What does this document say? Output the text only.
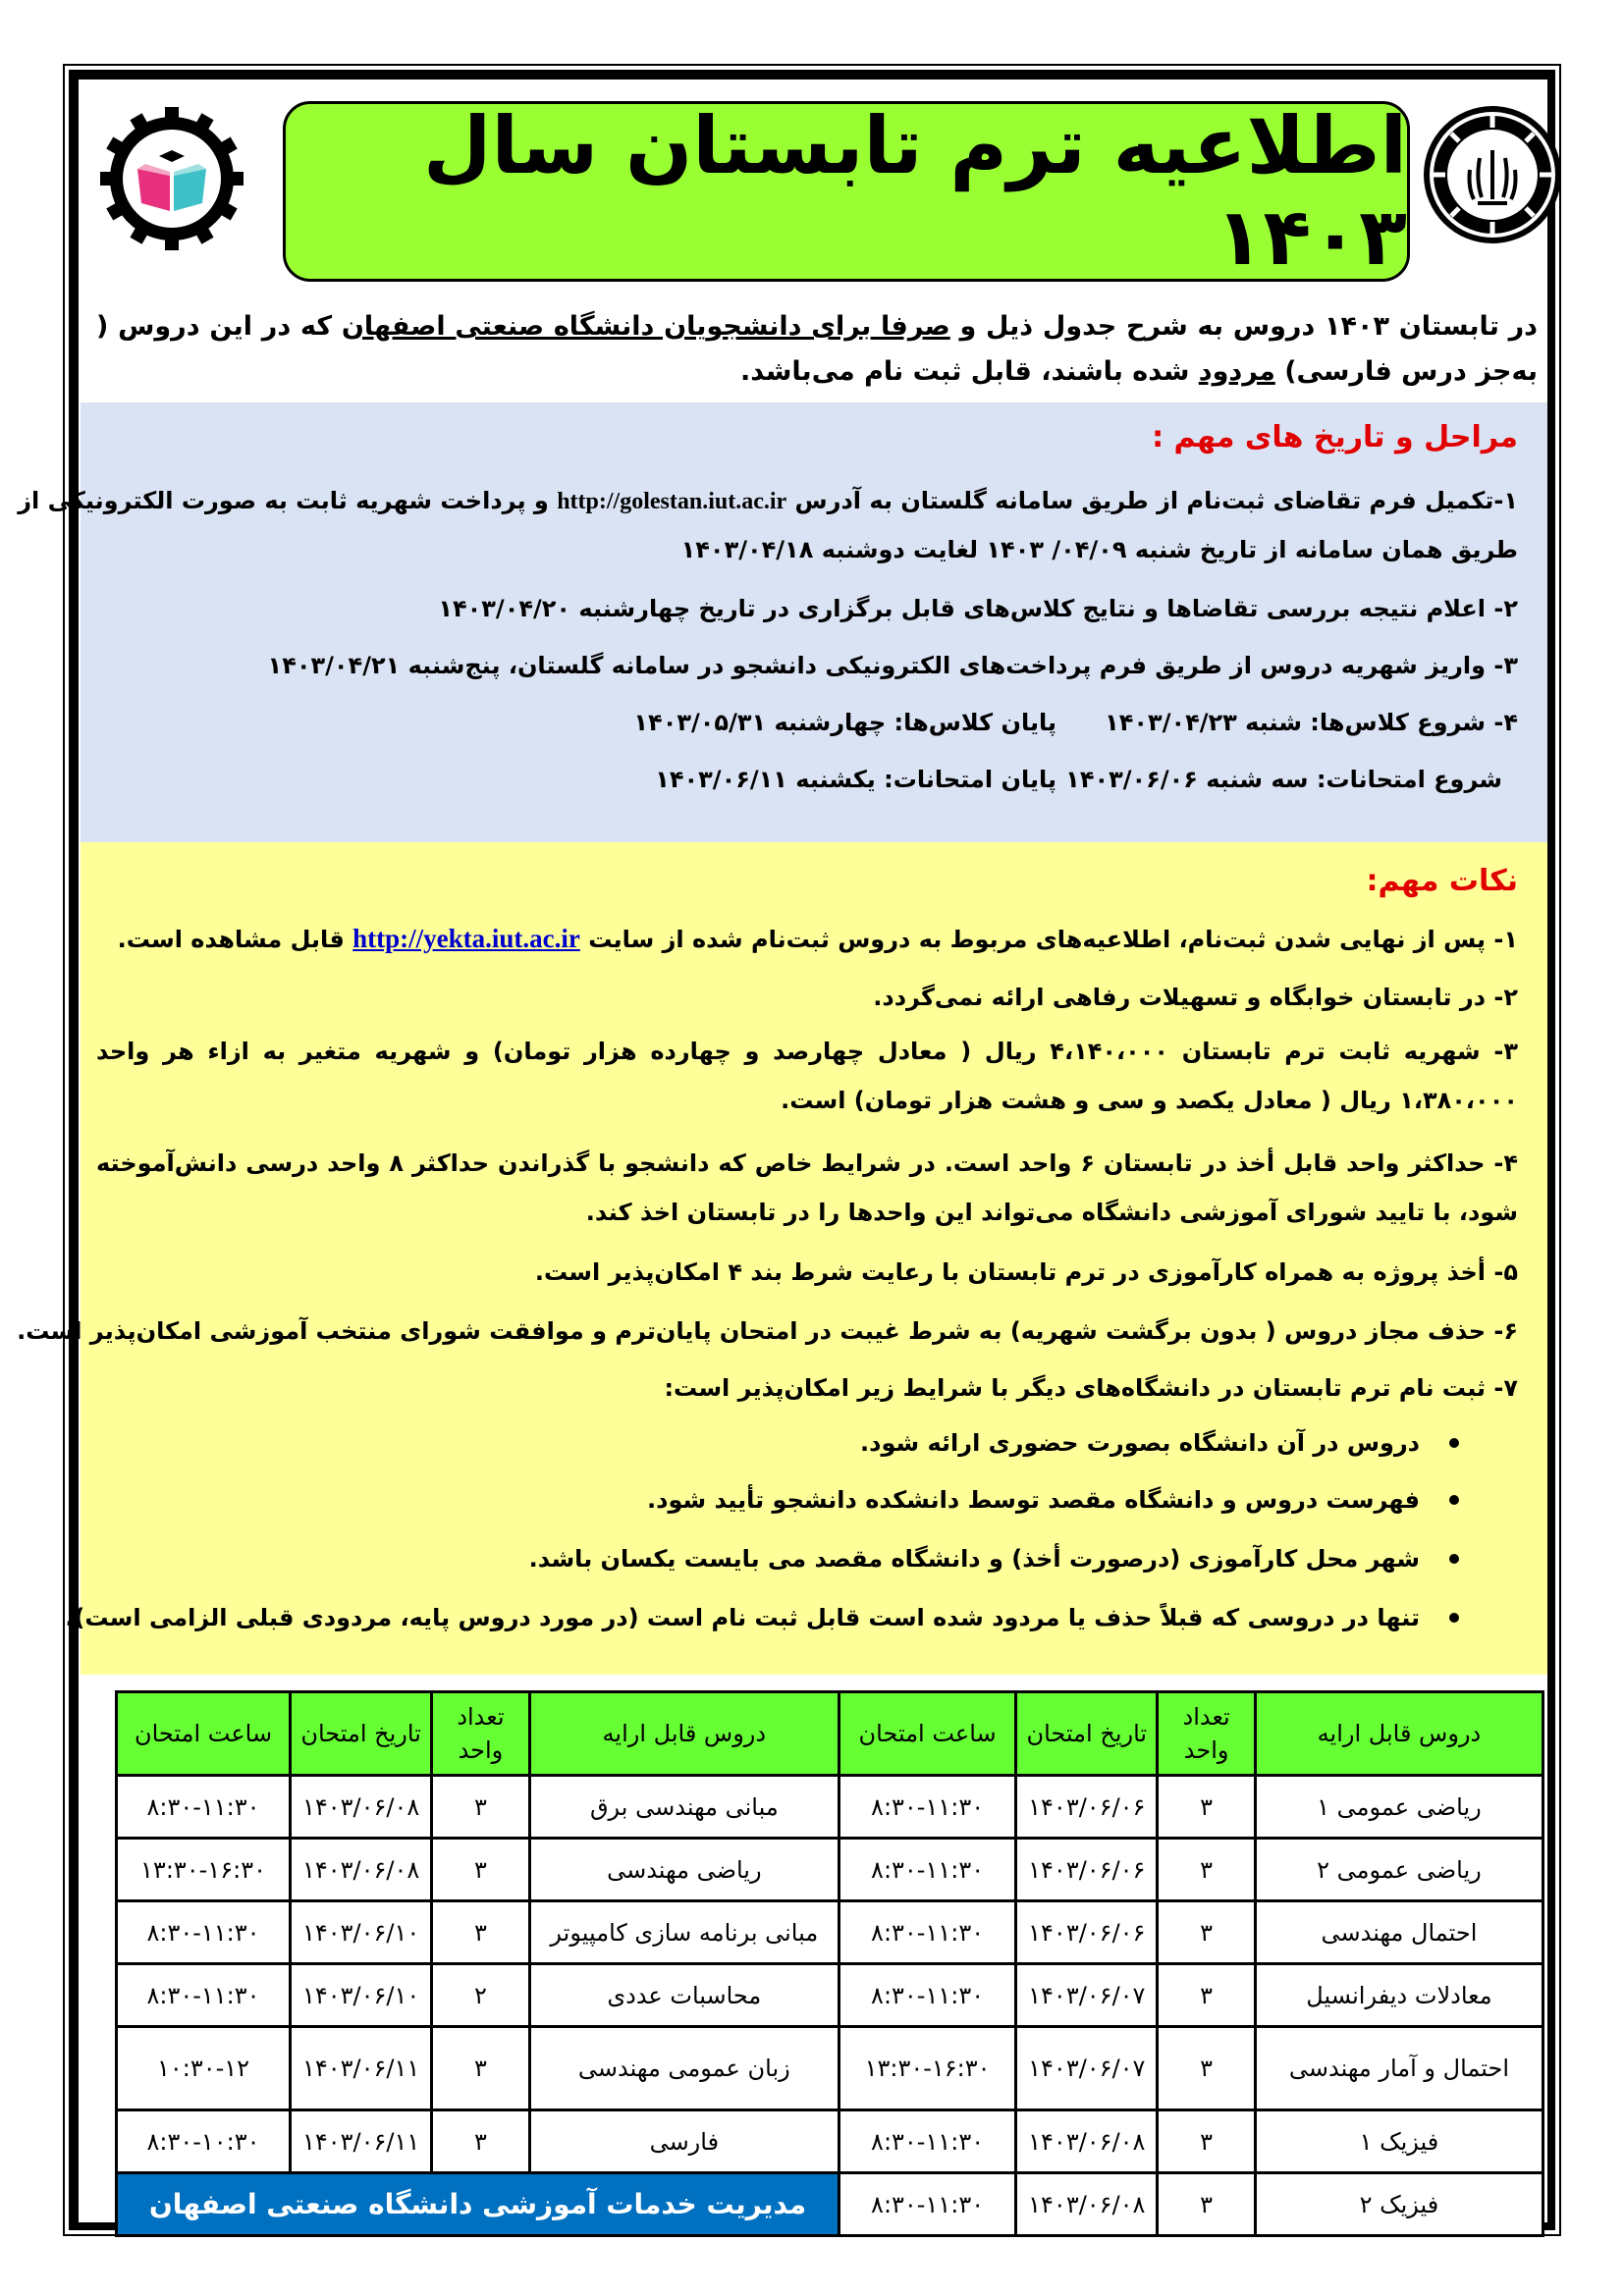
اطلاعیه ترم تابستان سال ۱۴۰۳
در تابستان ۱۴۰۳ دروس به شرح جدول ذیل و صرفا برای دانشجویان دانشگاه صنعتی اصفهان که در این دروس ( به‌جز درس فارسی) مردود شده باشند، قابل ثبت نام می‌باشد.
مراحل و تاریخ های مهم :
۱-تکمیل فرم تقاضای ثبت‌نام از طریق سامانه گلستان به آدرس http://golestan.iut.ac.ir و پرداخت شهریه ثابت به صورت الکترونیکی از
طریق همان سامانه از تاریخ شنبه ۰۴/۰۹/ ۱۴۰۳ لغایت دوشنبه ۱۴۰۳/۰۴/۱۸
۲- اعلام نتیجه بررسی تقاضاها و نتایج کلاس‌های قابل برگزاری در تاریخ چهارشنبه ۱۴۰۳/۰۴/۲۰
۳- واریز شهریه دروس از طریق فرم پرداخت‌های الکترونیکی دانشجو در سامانه گلستان، پنج‌شنبه ۱۴۰۳/۰۴/۲۱
۴- شروع کلاس‌ها: شنبه ۱۴۰۳/۰۴/۲۳
پایان کلاس‌ها: چهارشنبه ۱۴۰۳/۰۵/۳۱
شروع امتحانات: سه شنبه ۱۴۰۳/۰۶/۰۶
پایان امتحانات: یکشنبه ۱۴۰۳/۰۶/۱۱
نکات مهم:
۱- پس از نهایی شدن ثبت‌نام، اطلاعیه‌های مربوط به دروس ثبت‌نام شده از سایت http://yekta.iut.ac.ir قابل مشاهده است.
۲- در تابستان خوابگاه و تسهیلات رفاهی ارائه نمی‌گردد.
۳- شهریه ثابت ترم تابستان ۴،۱۴۰،۰۰۰ ریال ( معادل چهارصد و چهارده هزار تومان) و شهریه متغیر به ازاء هر واحد ۱،۳۸۰،۰۰۰ ریال ( معادل یکصد و سی و هشت هزار تومان) است.
۴- حداکثر واحد قابل أخذ در تابستان ۶ واحد است. در شرایط خاص که دانشجو با گذراندن حداکثر ۸ واحد درسی دانش‌آموخته شود، با تایید شورای آموزشی دانشگاه می‌تواند این واحدها را در تابستان اخذ کند.
۵- أخذ پروژه به همراه کارآموزی در ترم تابستان با رعایت شرط بند ۴ امکان‌پذیر است.
۶- حذف مجاز دروس ( بدون برگشت شهریه) به شرط غیبت در امتحان پایان‌ترم و موافقت شورای منتخب آموزشی امکان‌پذیر است.
۷- ثبت نام ترم تابستان در دانشگاه‌های دیگر با شرایط زیر امکان‌پذیر است:
دروس در آن دانشگاه بصورت حضوری ارائه شود.
فهرست دروس و دانشگاه مقصد توسط دانشکده دانشجو تأیید شود.
شهر محل کارآموزی (درصورت أخذ) و دانشگاه مقصد می بایست یکسان باشد.
تنها در دروسی که قبلاً حذف یا مردود شده است قابل ثبت نام است (در مورد دروس پایه، مردودی قبلی الزامی است).
دروس قابل ارایه	تعداد واحد	تاریخ امتحان	ساعت امتحان	دروس قابل ارایه	تعداد واحد	تاریخ امتحان	ساعت امتحان
ریاضی عمومی ۱	۳	۱۴۰۳/۰۶/۰۶	۸:۳۰-۱۱:۳۰	مبانی مهندسی برق	۳	۱۴۰۳/۰۶/۰۸	۸:۳۰-۱۱:۳۰
ریاضی عمومی ۲	۳	۱۴۰۳/۰۶/۰۶	۸:۳۰-۱۱:۳۰	ریاضی مهندسی	۳	۱۴۰۳/۰۶/۰۸	۱۳:۳۰-۱۶:۳۰
احتمال مهندسی	۳	۱۴۰۳/۰۶/۰۶	۸:۳۰-۱۱:۳۰	مبانی برنامه سازی کامپیوتر	۳	۱۴۰۳/۰۶/۱۰	۸:۳۰-۱۱:۳۰
معادلات دیفرانسیل	۳	۱۴۰۳/۰۶/۰۷	۸:۳۰-۱۱:۳۰	محاسبات عددی	۲	۱۴۰۳/۰۶/۱۰	۸:۳۰-۱۱:۳۰
احتمال و آمار مهندسی	۳	۱۴۰۳/۰۶/۰۷	۱۳:۳۰-۱۶:۳۰	زبان عمومی مهندسی	۳	۱۴۰۳/۰۶/۱۱	۱۰:۳۰-۱۲
فیزیک ۱	۳	۱۴۰۳/۰۶/۰۸	۸:۳۰-۱۱:۳۰	فارسی	۳	۱۴۰۳/۰۶/۱۱	۸:۳۰-۱۰:۳۰
فیزیک ۲	۳	۱۴۰۳/۰۶/۰۸	۸:۳۰-۱۱:۳۰	مدیریت خدمات آموزشی دانشگاه صنعتی اصفهان			
